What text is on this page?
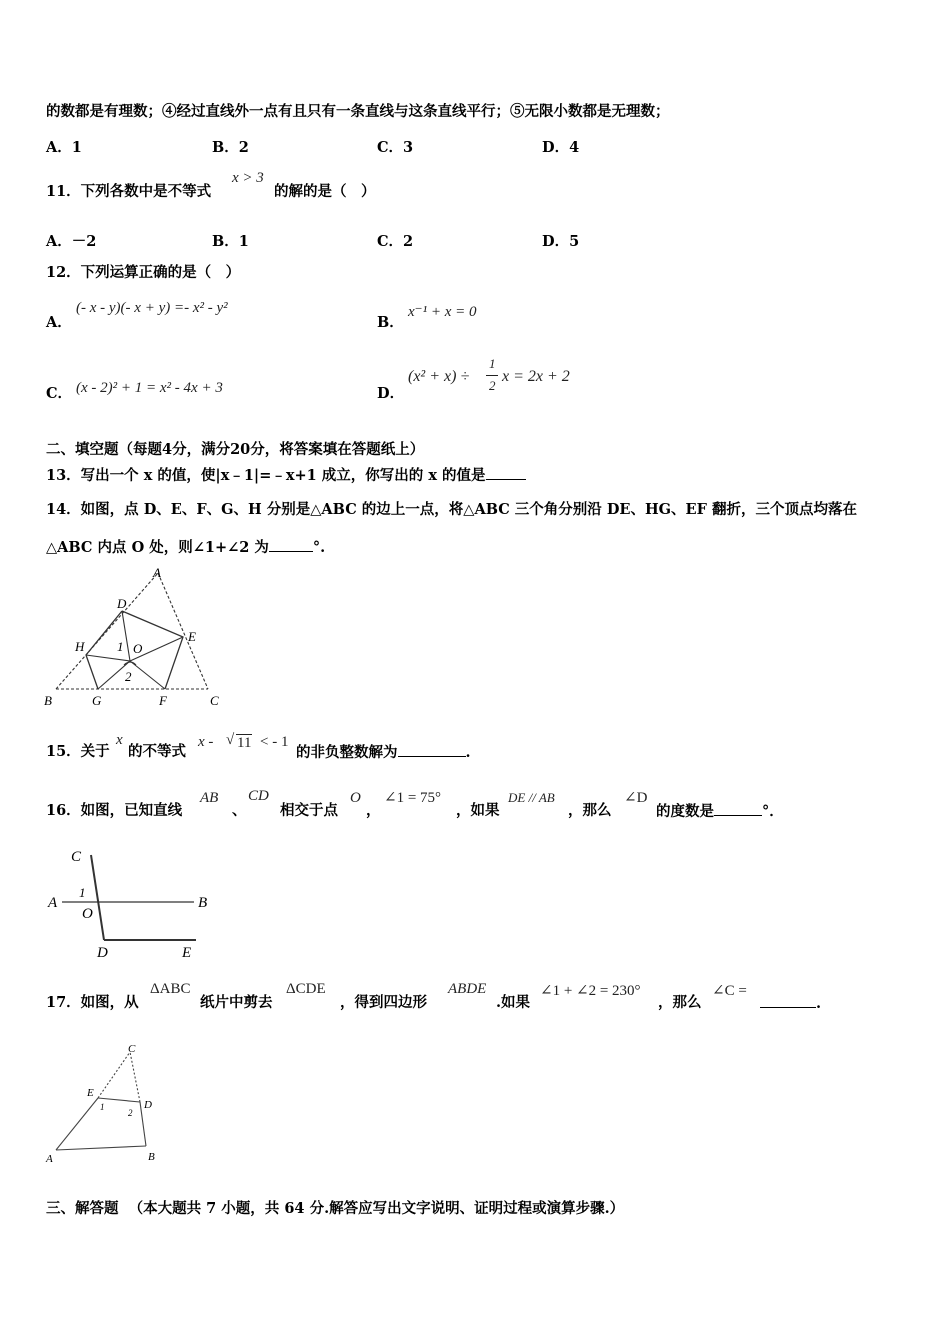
的数都是有理数；④经过直线外一点有且只有一条直线与这条直线平行；⑤无限小数都是无理数；
A．1	B．2	C．3	D．4
11．下列各数中是不等式
x > 3
的解的是（　）
A．－2	B．1	C．2	D．5
12．下列运算正确的是（　）
A．
(- x - y)(- x + y) =- x² - y²
B．
x⁻¹ + x = 0
C． (x - 2)² + 1 = x² - 4x + 3	D．
(x² + x) ÷
1
2
x = 2x + 2
二、填空题（每题4分，满分20分，将答案填在答题纸上）
13．写出一个 x 的值，使|x﹣1|=﹣x+1 成立，你写出的 x 的值是
14．如图，点 D、E、F、G、H 分别是△ABC 的边上一点，将△ABC 三个角分别沿 DE、HG、EF 翻折，三个顶点均落在
△ABC 内点 O 处，则∠1+∠2 为	°.
A
D
E
H	1 O
2
B	G	F	C
15．关于
x
的不等式
x - √ 11 < - 1
的非负整数解为	.
16．如图，已知直线
AB
、
CD
相交于点
O
，
∠1 = 75°
，如果
DE // AB
，那么
∠D
的度数是	°．
C
A
1
O
B
D	E
17．如图，从
ΔABC
纸片中剪去
ΔCDE
，得到四边形
ABDE
.如果
∠1 + ∠2 = 230°
，那么
∠C =
.
C
E
1	D
2
A	B
三、解答题 （本大题共 7 小题，共 64 分.解答应写出文字说明、证明过程或演算步骤.）
